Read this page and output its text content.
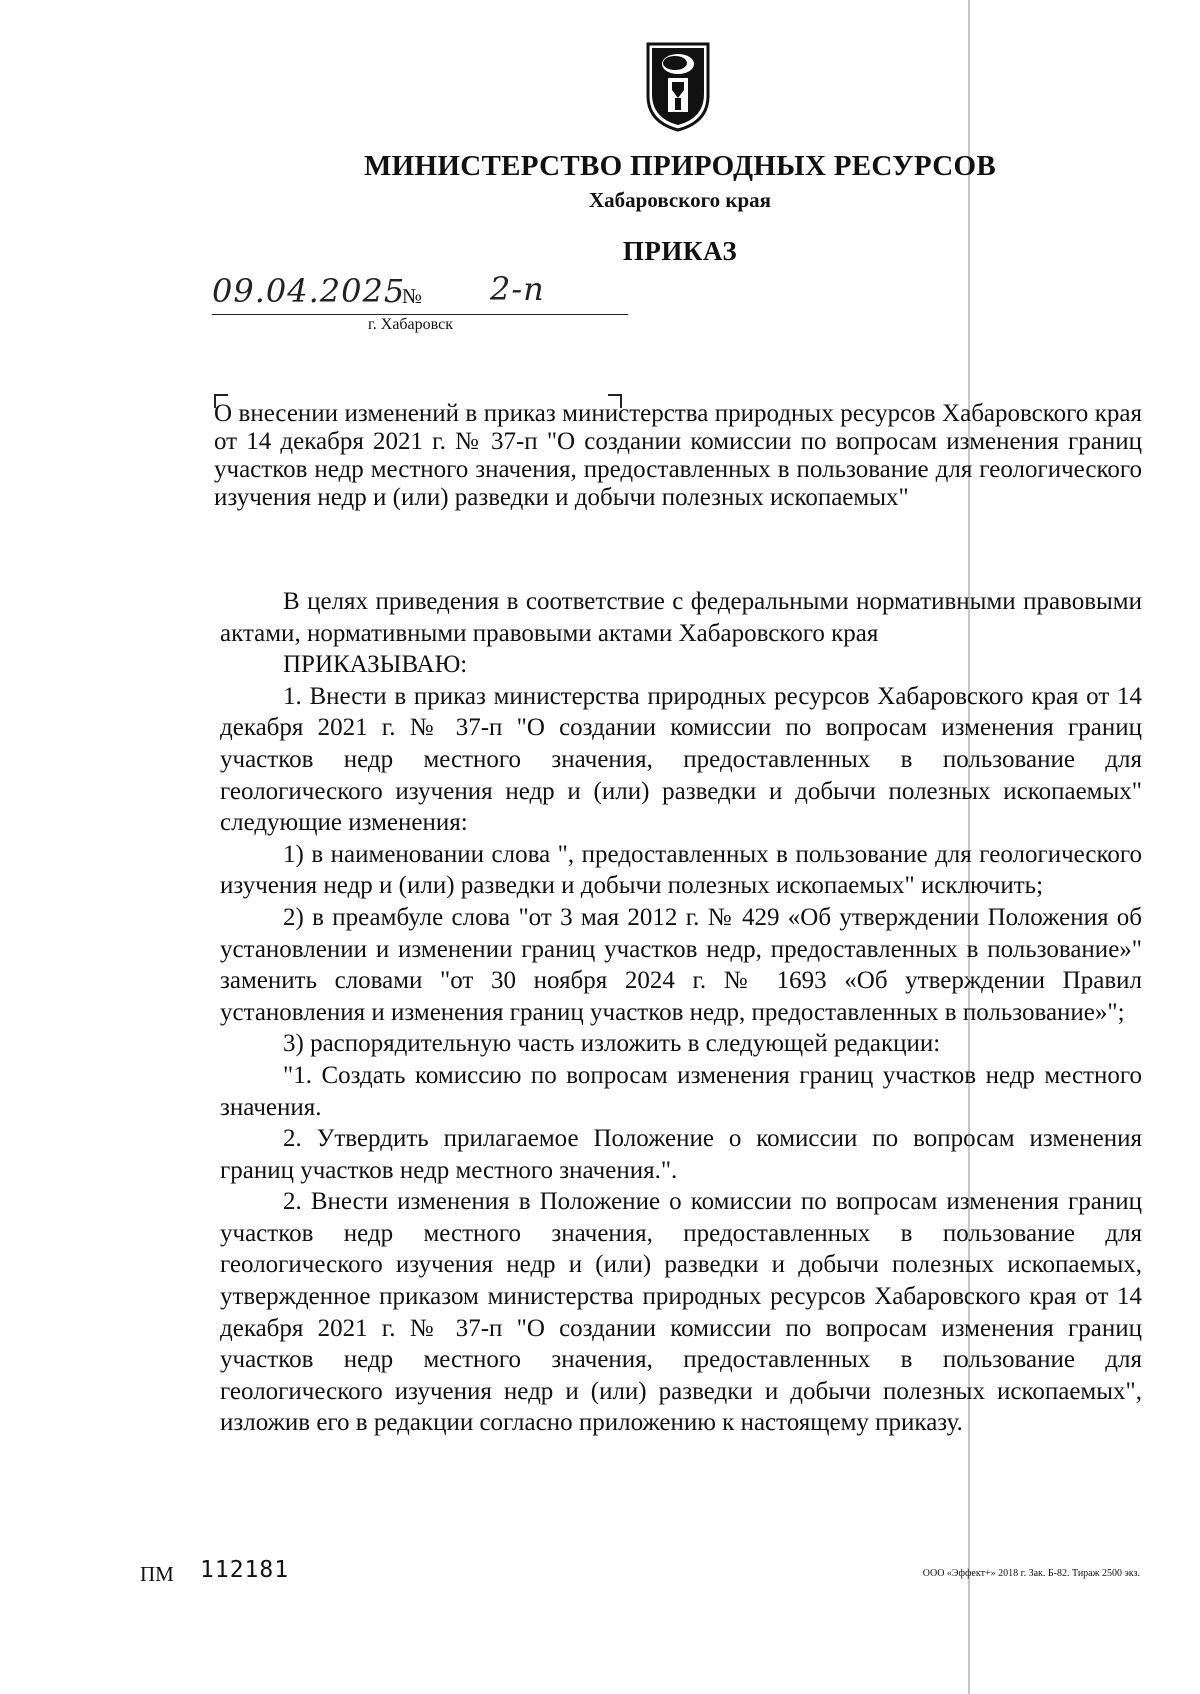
МИНИСТЕРСТВО ПРИРОДНЫХ РЕСУРСОВ
Хабаровского края
ПРИКАЗ
09.04.2025
№ 2-п
г. Хабаровск
О внесении изменений в приказ министерства природных ресурсов Хабаровского края от 14 декабря 2021 г. № 37-п "О создании комиссии по вопросам изменения границ участков недр местного значения, предоставленных в пользование для геологического изучения недр и (или) разведки и добычи полезных ископаемых"

В целях приведения в соответствие с федеральными нормативными правовыми актами, нормативными правовыми актами Хабаровского края

ПРИКАЗЫВАЮ:

1. Внести в приказ министерства природных ресурсов Хабаровского края от 14 декабря 2021 г. № 37-п "О создании комиссии по вопросам изменения границ участков недр местного значения, предоставленных в пользование для геологического изучения недр и (или) разведки и добычи полезных ископаемых" следующие изменения:

1) в наименовании слова ", предоставленных в пользование для геологического изучения недр и (или) разведки и добычи полезных ископаемых" исключить;

2) в преамбуле слова "от 3 мая 2012 г. № 429 «Об утверждении Положения об установлении и изменении границ участков недр, предоставленных в пользование»" заменить словами "от 30 ноября 2024 г. № 1693 «Об утверждении Правил установления и изменения границ участков недр, предоставленных в пользование»";

3) распорядительную часть изложить в следующей редакции:

"1. Создать комиссию по вопросам изменения границ участков недр местного значения.

2. Утвердить прилагаемое Положение о комиссии по вопросам изменения границ участков недр местного значения.".

2. Внести изменения в Положение о комиссии по вопросам изменения границ участков недр местного значения, предоставленных в пользование для геологического изучения недр и (или) разведки и добычи полезных ископаемых, утвержденное приказом министерства природных ресурсов Хабаровского края от 14 декабря 2021 г. № 37-п "О создании комиссии по вопросам изменения границ участков недр местного значения, предоставленных в пользование для геологического изучения недр и (или) разведки и добычи полезных ископаемых", изложив его в редакции согласно приложению к настоящему приказу.

ПМ 112181	ООО «Эффект+» 2018 г. Зак. Б-82. Тираж 2500 экз.
